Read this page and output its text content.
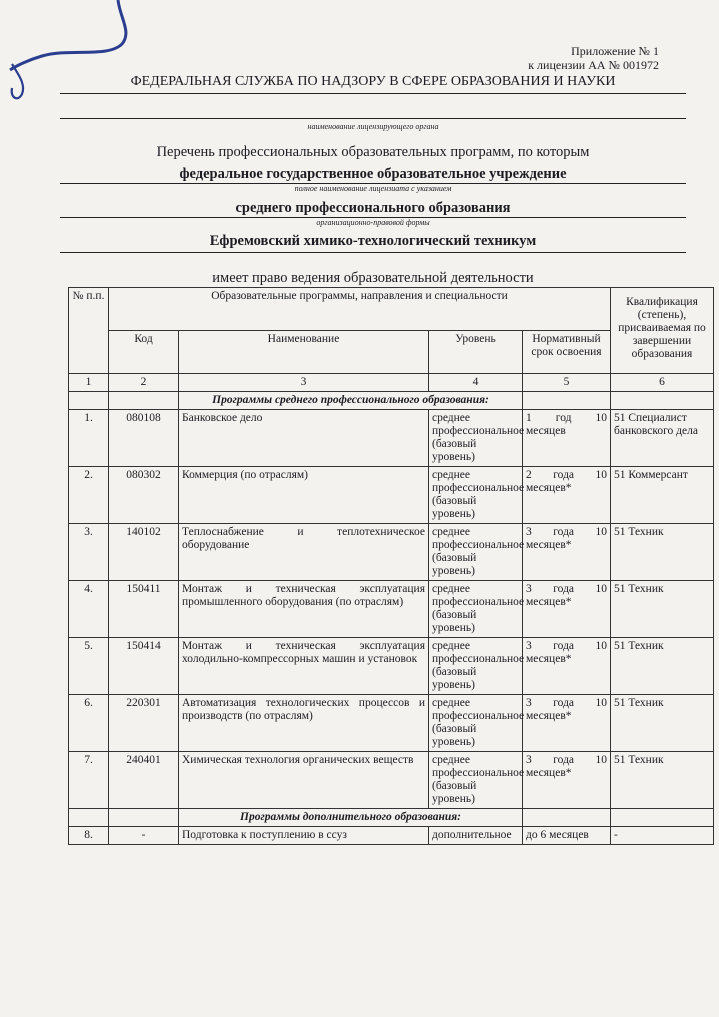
Приложение № 1
к лицензии АА № 001972
ФЕДЕРАЛЬНАЯ СЛУЖБА ПО НАДЗОРУ В СФЕРЕ ОБРАЗОВАНИЯ И НАУКИ
наименование лицензирующего органа
Перечень профессиональных образовательных программ, по которым
федеральное государственное образовательное учреждение
полное наименование лицензиата с указанием
среднего профессионального образования
организационно-правовой формы
Ефремовский химико-технологический техникум
имеет право ведения образовательной деятельности
№ п.п.	Образовательные программы, направления и специальности				Квалификация (степень), присваиваемая по завершении образования
	Код	Наименование	Уровень	Нормативный срок освоения	
1	2	3	4	5	6
		Программы среднего профессионального образования:			
1.	080108	Банковское дело	среднее профессиональное (базовый уровень)	1 год 10 месяцев	51 Специалист банковского дела
2.	080302	Коммерция (по отраслям)	среднее профессиональное (базовый уровень)	2 года 10 месяцев*	51 Коммерсант
3.	140102	Теплоснабжение и теплотехническое оборудование	среднее профессиональное (базовый уровень)	3 года 10 месяцев*	51 Техник
4.	150411	Монтаж и техническая эксплуатация промышленного оборудования (по отраслям)	среднее профессиональное (базовый уровень)	3 года 10 месяцев*	51 Техник
5.	150414	Монтаж и техническая эксплуатация холодильно-компрессорных машин и установок	среднее профессиональное (базовый уровень)	3 года 10 месяцев*	51 Техник
6.	220301	Автоматизация технологических процессов и производств (по отраслям)	среднее профессиональное (базовый уровень)	3 года 10 месяцев*	51 Техник
7.	240401	Химическая технология органических веществ	среднее профессиональное (базовый уровень)	3 года 10 месяцев*	51 Техник
		Программы дополнительного образования:			
8.	-	Подготовка к поступлению в ссуз	дополнительное	до 6 месяцев	-
